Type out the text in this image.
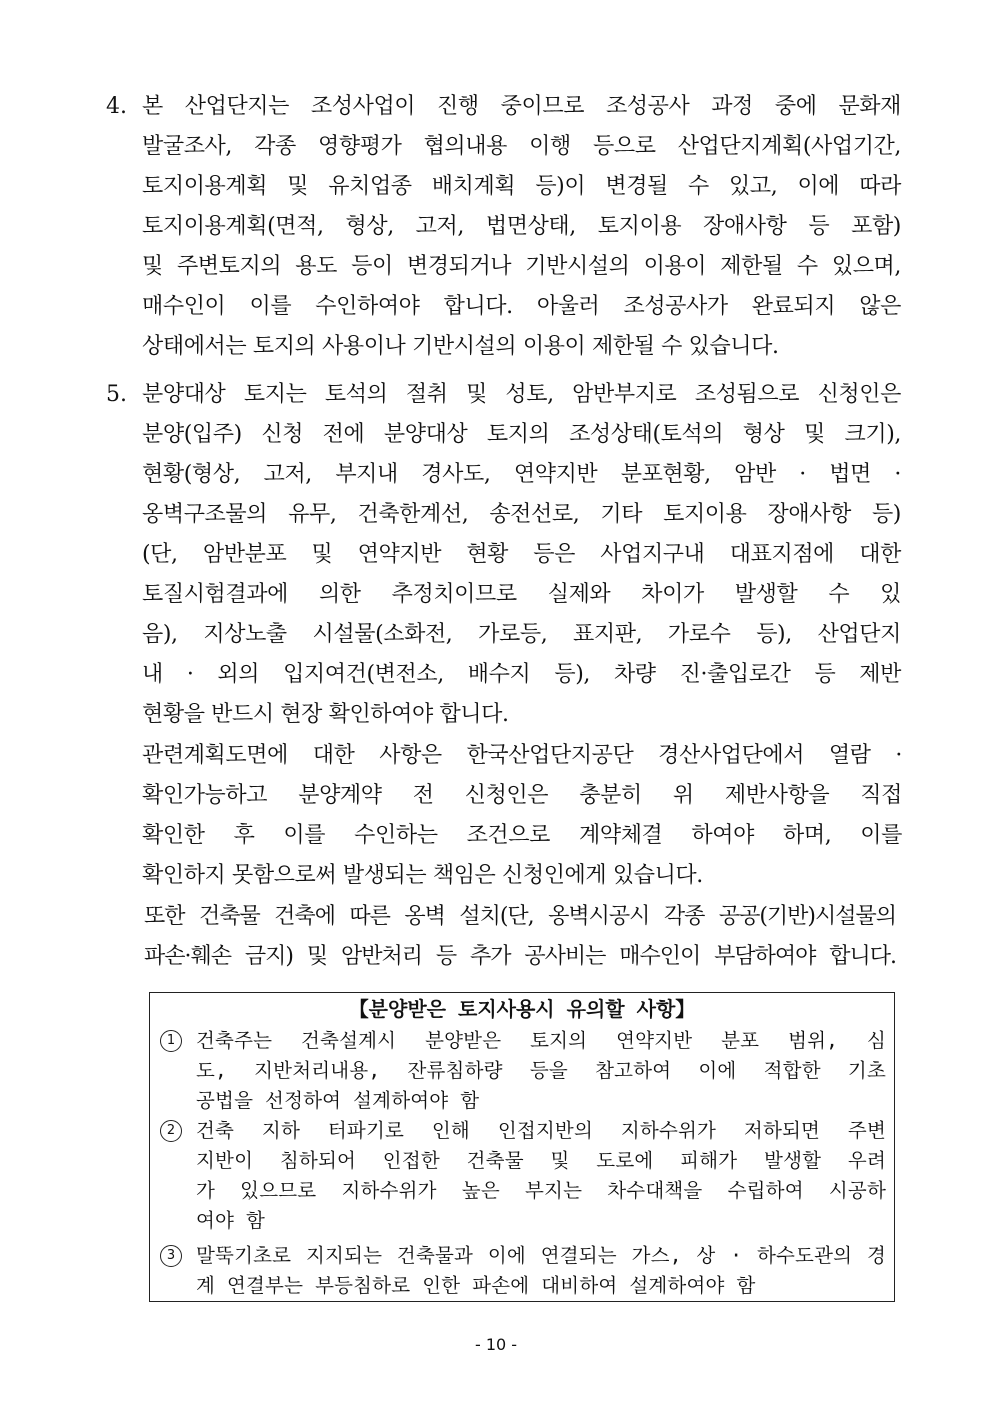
4. 본 산업단지는 조성사업이 진행 중이므로 조성공사 과정 중에 문화재
발굴조사, 각종 영향평가 협의내용 이행 등으로 산업단지계획(사업기간,
토지이용계획 및 유치업종 배치계획 등)이 변경될 수 있고, 이에 따라
토지이용계획(면적, 형상, 고저, 법면상태, 토지이용 장애사항 등 포함)
및 주변토지의 용도 등이 변경되거나 기반시설의 이용이 제한될 수 있으며,
매수인이 이를 수인하여야 합니다. 아울러 조성공사가 완료되지 않은
상태에서는 토지의 사용이나 기반시설의 이용이 제한될 수 있습니다.
5. 분양대상 토지는 토석의 절취 및 성토, 암반부지로 조성됨으로 신청인은
분양(입주) 신청 전에 분양대상 토지의 조성상태(토석의 형상 및 크기),
현황(형상, 고저, 부지내 경사도, 연약지반 분포현황, 암반 · 법면 ·
옹벽구조물의 유무, 건축한계선, 송전선로, 기타 토지이용 장애사항 등)
(단, 암반분포 및 연약지반 현황 등은 사업지구내 대표지점에 대한
토질시험결과에 의한 추정치이므로 실제와 차이가 발생할 수 있
음), 지상노출 시설물(소화전, 가로등, 표지판, 가로수 등), 산업단지
내 · 외의 입지여건(변전소, 배수지 등), 차량 진·출입로간 등 제반
현황을 반드시 현장 확인하여야 합니다.
관련계획도면에 대한 사항은 한국산업단지공단 경산사업단에서 열람 ·
확인가능하고 분양계약 전 신청인은 충분히 위 제반사항을 직접
확인한 후 이를 수인하는 조건으로 계약체결 하여야 하며, 이를
확인하지 못함으로써 발생되는 책임은 신청인에게 있습니다.
또한 건축물 건축에 따른 옹벽 설치(단, 옹벽시공시 각종 공공(기반)시설물의
파손·훼손 금지) 및 암반처리 등 추가 공사비는 매수인이 부담하여야 합니다.
【분양받은 토지사용시 유의할 사항】
1	건축주는 건축설계시 분양받은 토지의 연약지반 분포 범위, 심
도, 지반처리내용, 잔류침하량 등을 참고하여 이에 적합한 기초
공법을 선정하여 설계하여야 함
2	건축 지하 터파기로 인해 인접지반의 지하수위가 저하되면 주변
지반이 침하되어 인접한 건축물 및 도로에 피해가 발생할 우려
가 있으므로 지하수위가 높은 부지는 차수대책을 수립하여 시공하
여야 함
3	말뚝기초로 지지되는 건축물과 이에 연결되는 가스, 상 · 하수도관의 경
계 연결부는 부등침하로 인한 파손에 대비하여 설계하여야 함
- 10 -
